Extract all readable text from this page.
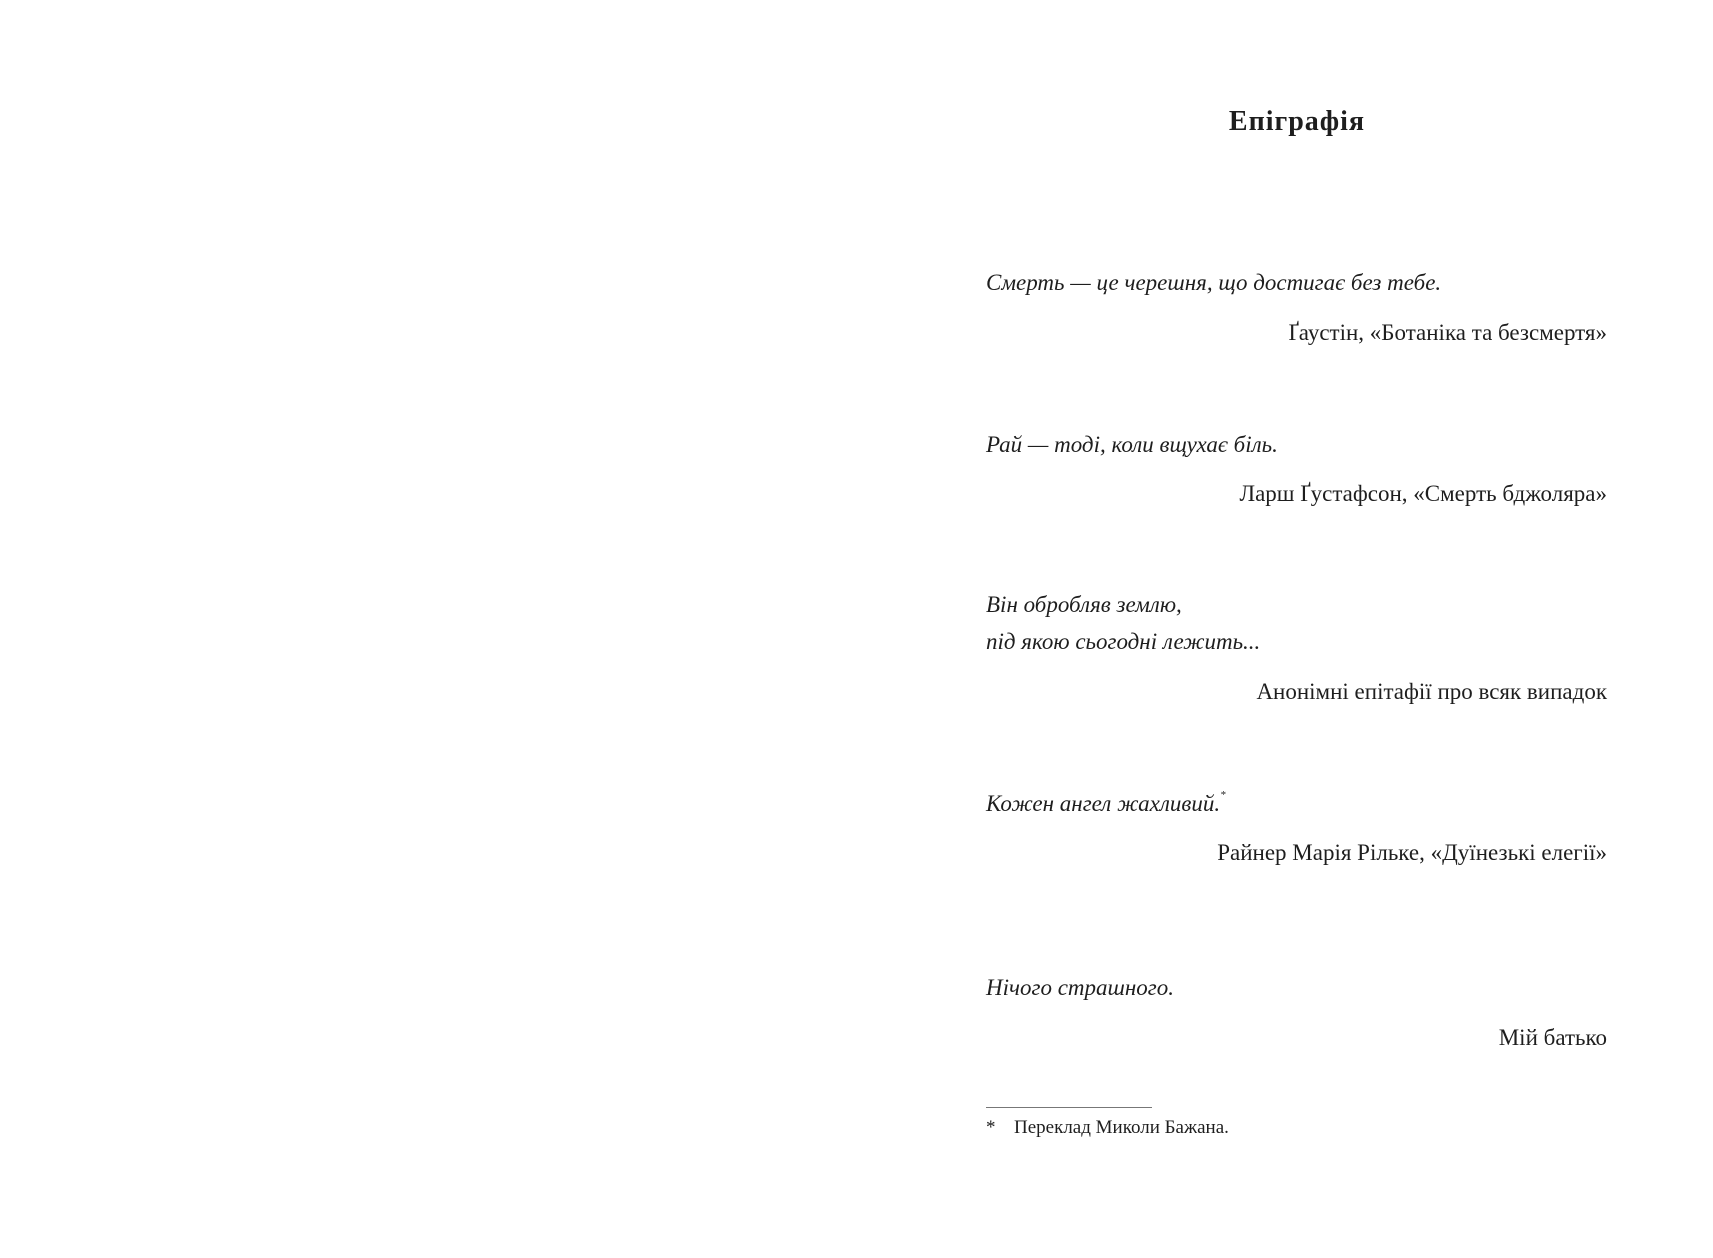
Епіграфія
Смерть — це черешня, що достигає без тебе.
Ґаустін, «Ботаніка та безсмертя»
Рай — тоді, коли вщухає біль.
Ларш Ґустафсон, «Смерть бджоляра»
Він обробляв землю,
під якою сьогодні лежить...
Анонімні епітафії про всяк випадок
Кожен ангел жахливий.*
Райнер Марія Рільке, «Дуїнезькі елегії»
Нічого страшного.
Мій батько
* Переклад Миколи Бажана.
